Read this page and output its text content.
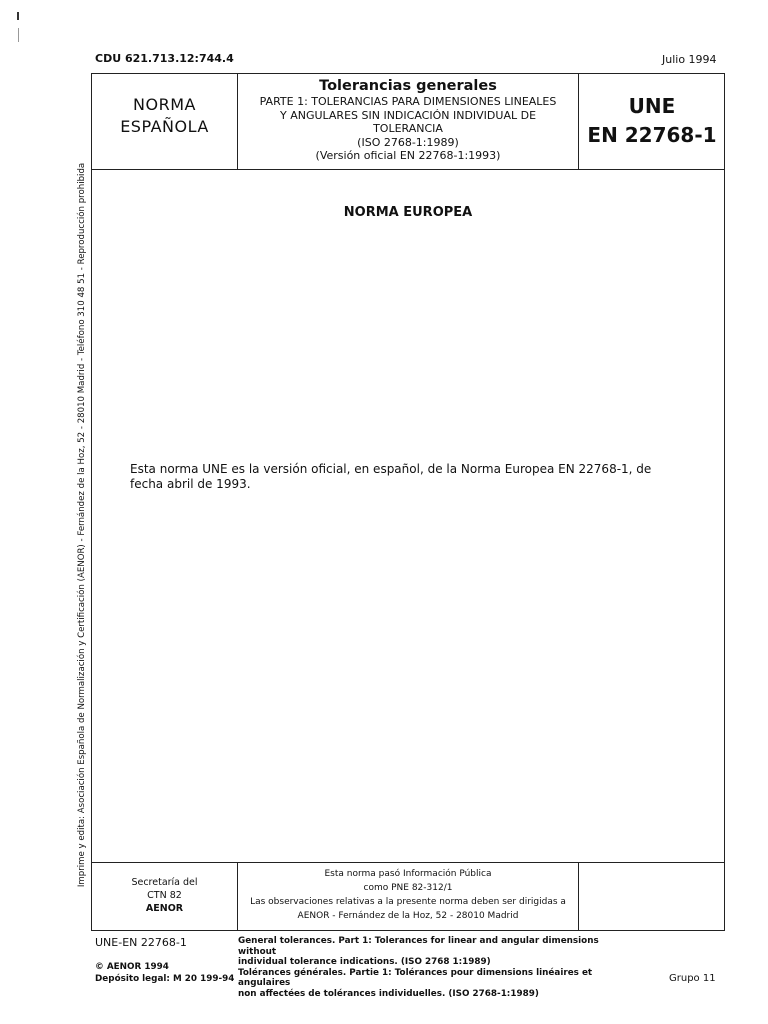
CDU 621.713.12:744.4	Julio 1994
NORMA
ESPAÑOLA
Tolerancias generales
PARTE 1: TOLERANCIAS PARA DIMENSIONES LINEALES
Y ANGULARES SIN INDICACIÓN INDIVIDUAL DE
TOLERANCIA
(ISO 2768-1:1989)
(Versión oficial EN 22768-1:1993)
UNE
EN 22768-1
NORMA EUROPEA
Esta norma UNE es la versión oficial, en español, de la Norma Europea EN 22768-1, de fecha abril de 1993.
Imprime y edita: Asociación Española de Normalización y Certificación (AENOR) - Fernández de la Hoz, 52 - 28010 Madrid - Teléfono 310 48 51 - Reproducción prohibida	Secretaría del
CTN 82
AENOR
Esta norma pasó Información Pública
como PNE 82-312/1
Las observaciones relativas a la presente norma deben ser dirigidas a
AENOR - Fernández de la Hoz, 52 - 28010 Madrid
UNE-EN 22768-1
© AENOR 1994
Depósito legal: M 20 199-94
General tolerances. Part 1: Tolerances for linear and angular dimensions without
individual tolerance indications. (ISO 2768 1:1989)
Tolérances générales. Partie 1: Tolérances pour dimensions linéaires et angulaires
non affectées de tolérances individuelles. (ISO 2768-1:1989)
Grupo 11
